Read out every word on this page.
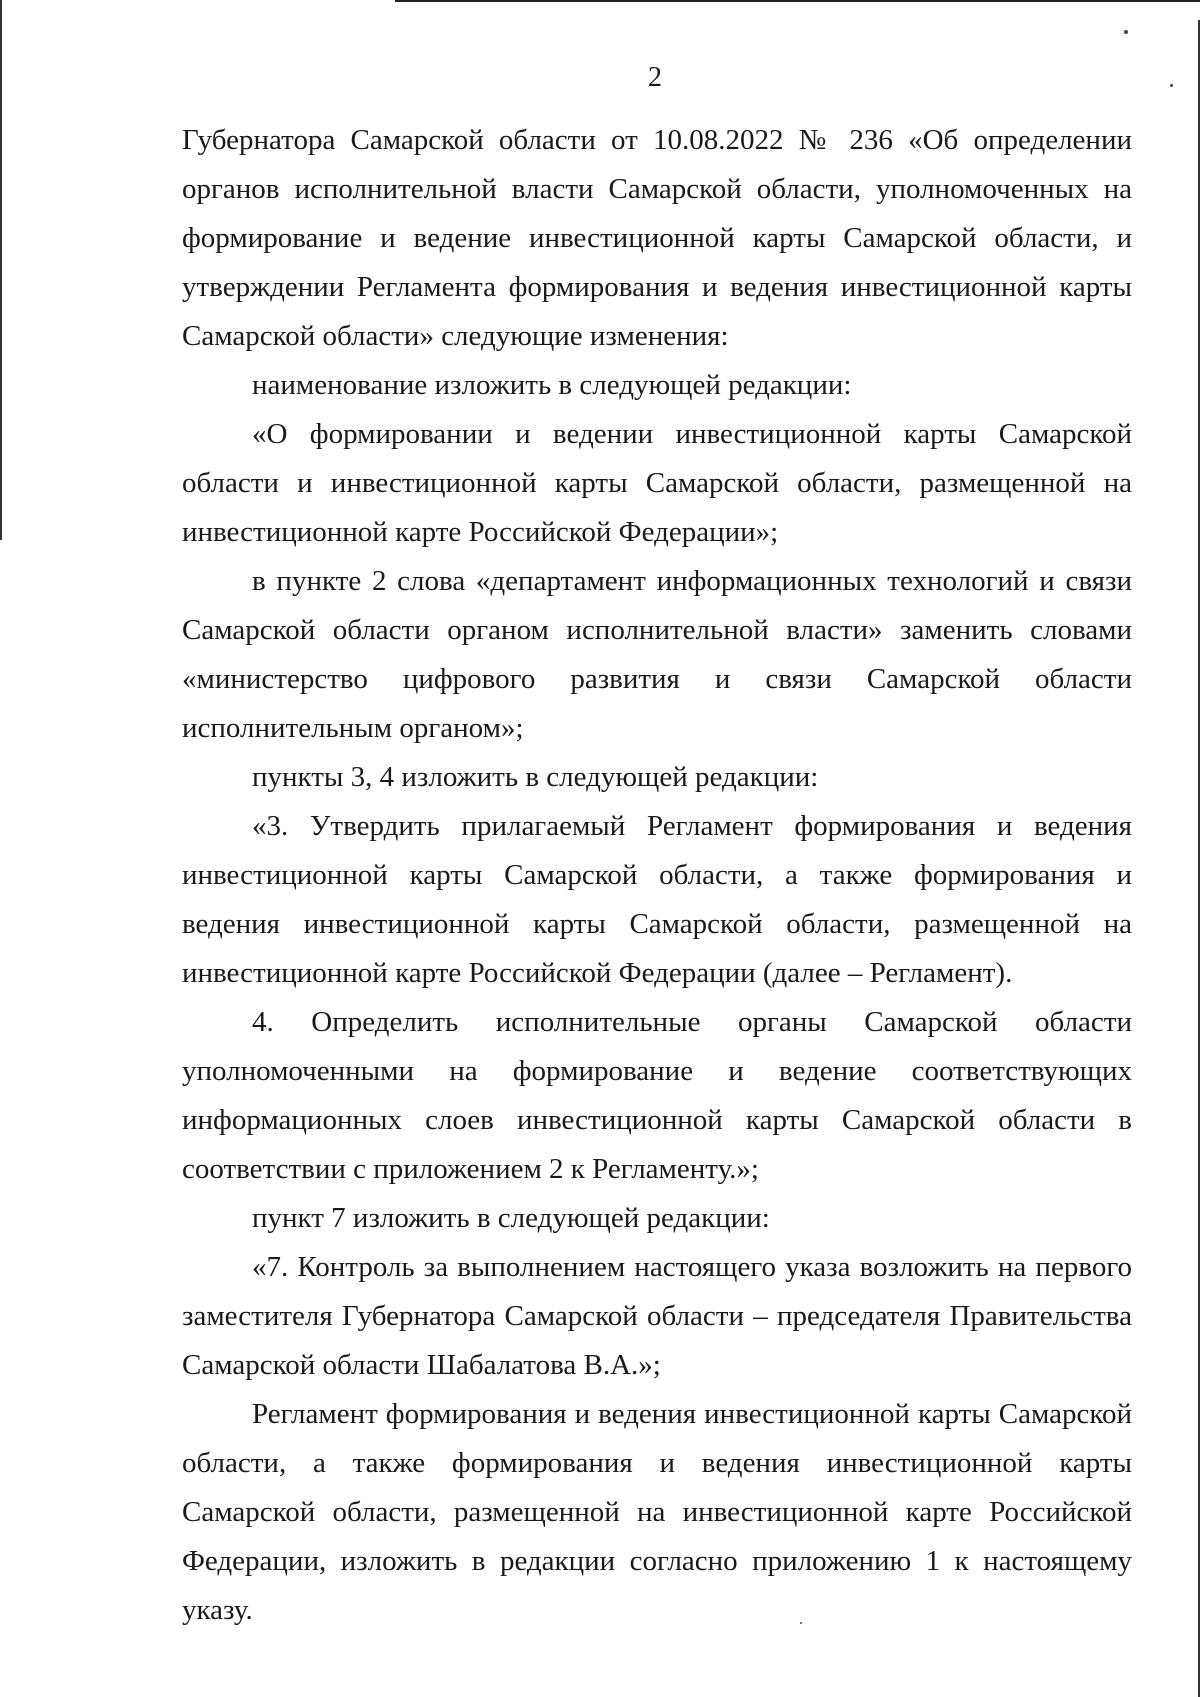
2

Губернатора Самарской области от 10.08.2022 № 236 «Об определении органов исполнительной власти Самарской области, уполномоченных на формирование и ведение инвестиционной карты Самарской области, и утверждении Регламента формирования и ведения инвестиционной карты Самарской области» следующие изменения:

наименование изложить в следующей редакции:

«О формировании и ведении инвестиционной карты Самарской области и инвестиционной карты Самарской области, размещенной на инвестиционной карте Российской Федерации»;

в пункте 2 слова «департамент информационных технологий и связи Самарской области органом исполнительной власти» заменить словами «министерство цифрового развития и связи Самарской области исполнительным органом»;

пункты 3, 4 изложить в следующей редакции:

«3. Утвердить прилагаемый Регламент формирования и ведения инвестиционной карты Самарской области, а также формирования и ведения инвестиционной карты Самарской области, размещенной на инвестиционной карте Российской Федерации (далее – Регламент).

4. Определить исполнительные органы Самарской области уполномоченными на формирование и ведение соответствующих информационных слоев инвестиционной карты Самарской области в соответствии с приложением 2 к Регламенту.»;

пункт 7 изложить в следующей редакции:

«7. Контроль за выполнением настоящего указа возложить на первого заместителя Губернатора Самарской области – председателя Правительства Самарской области Шабалатова В.А.»;

Регламент формирования и ведения инвестиционной карты Самарской области, а также формирования и ведения инвестиционной карты Самарской области, размещенной на инвестиционной карте Российской Федерации, изложить в редакции согласно приложению 1 к настоящему указу.
